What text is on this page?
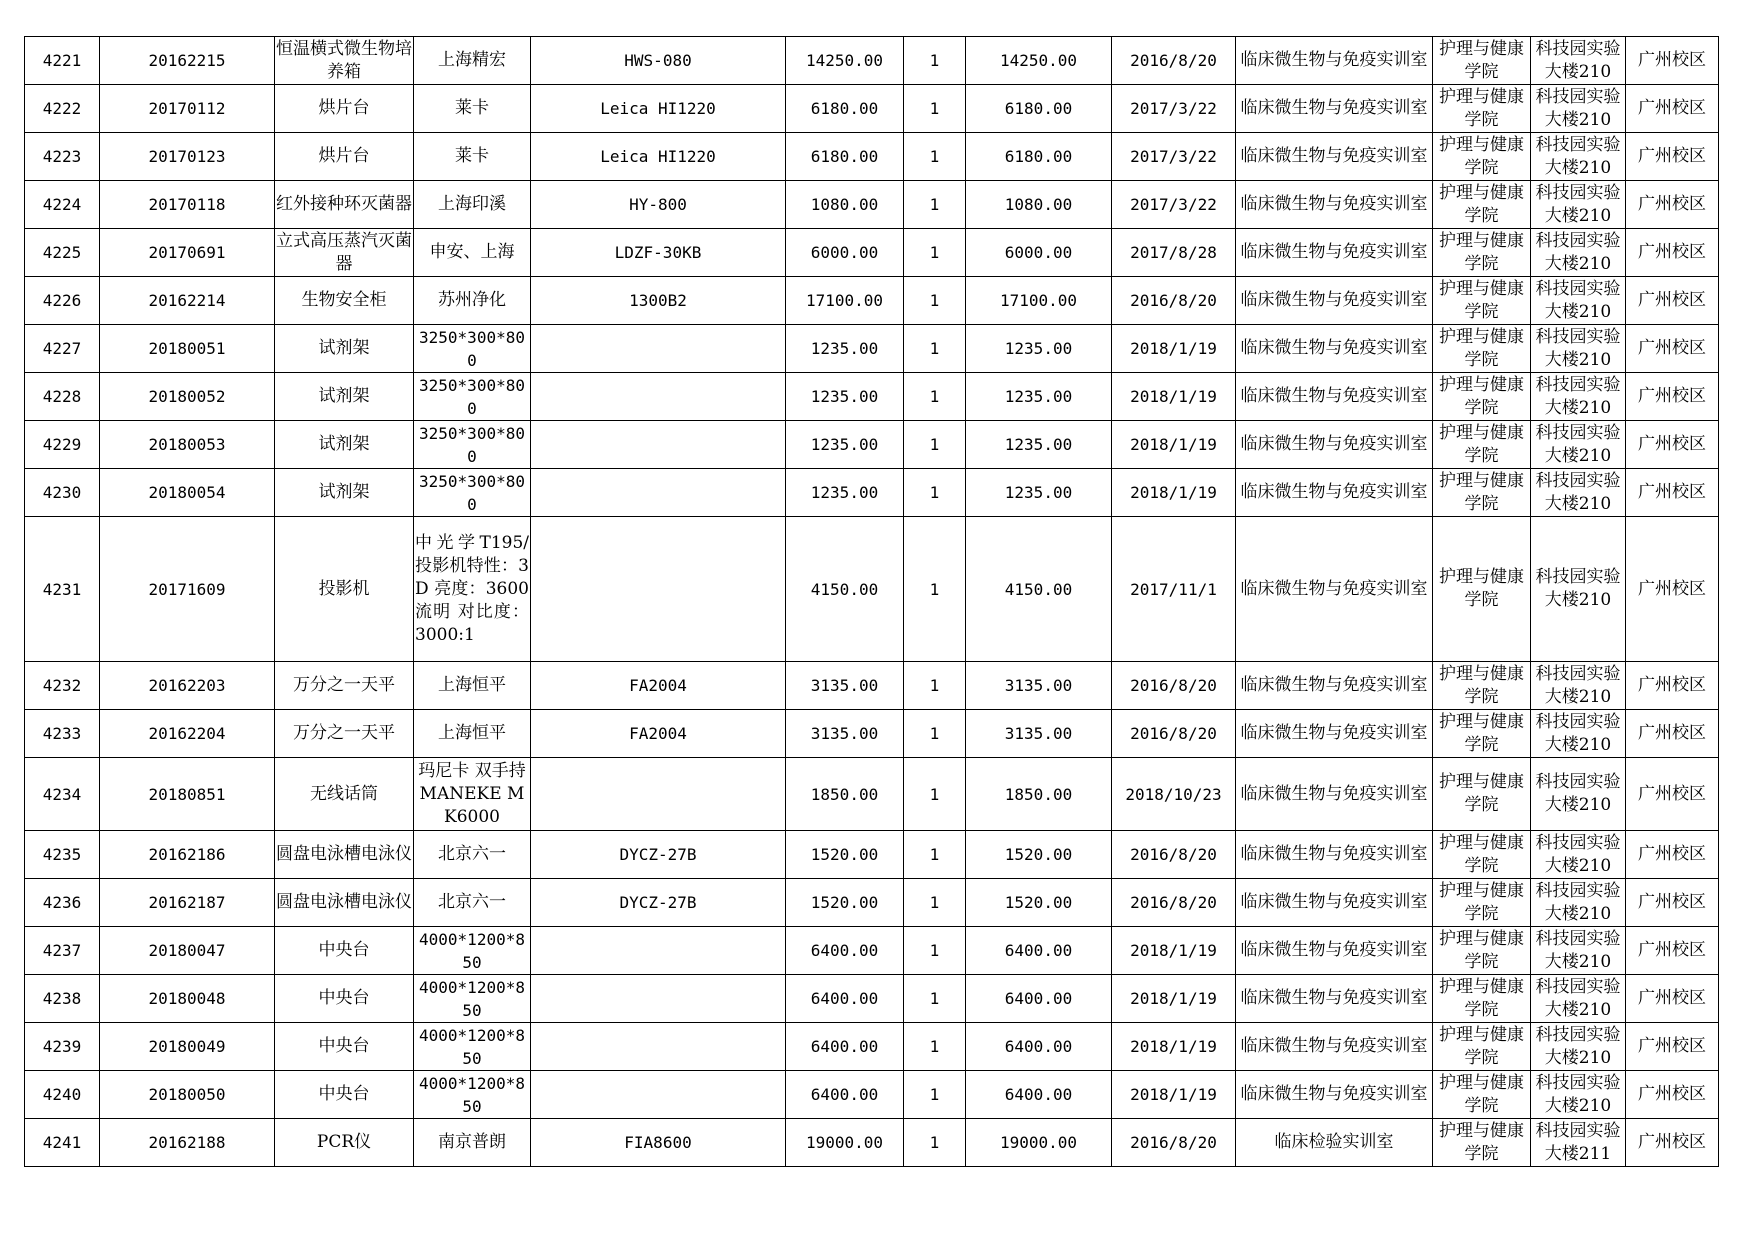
4221	20162215	恒温横式微生物培养箱	上海精宏	HWS-080	14250.00	1	14250.00	2016/8/20	临床微生物与免疫实训室	护理与健康学院	科技园实验大楼210	广州校区
4222	20170112	烘片台	莱卡	Leica HI1220	6180.00	1	6180.00	2017/3/22	临床微生物与免疫实训室	护理与健康学院	科技园实验大楼210	广州校区
4223	20170123	烘片台	莱卡	Leica HI1220	6180.00	1	6180.00	2017/3/22	临床微生物与免疫实训室	护理与健康学院	科技园实验大楼210	广州校区
4224	20170118	红外接种环灭菌器	上海印溪	HY-800	1080.00	1	1080.00	2017/3/22	临床微生物与免疫实训室	护理与健康学院	科技园实验大楼210	广州校区
4225	20170691	立式高压蒸汽灭菌器	申安、上海	LDZF-30KB	6000.00	1	6000.00	2017/8/28	临床微生物与免疫实训室	护理与健康学院	科技园实验大楼210	广州校区
4226	20162214	生物安全柜	苏州净化	1300B2	17100.00	1	17100.00	2016/8/20	临床微生物与免疫实训室	护理与健康学院	科技园实验大楼210	广州校区
4227	20180051	试剂架	3250*300*800		1235.00	1	1235.00	2018/1/19	临床微生物与免疫实训室	护理与健康学院	科技园实验大楼210	广州校区
4228	20180052	试剂架	3250*300*800		1235.00	1	1235.00	2018/1/19	临床微生物与免疫实训室	护理与健康学院	科技园实验大楼210	广州校区
4229	20180053	试剂架	3250*300*800		1235.00	1	1235.00	2018/1/19	临床微生物与免疫实训室	护理与健康学院	科技园实验大楼210	广州校区
4230	20180054	试剂架	3250*300*800		1235.00	1	1235.00	2018/1/19	临床微生物与免疫实训室	护理与健康学院	科技园实验大楼210	广州校区
4231	20171609	投影机	中光学T195/投影机特性：3D 亮度：3600流明 对比度：3000:1		4150.00	1	4150.00	2017/11/1	临床微生物与免疫实训室	护理与健康学院	科技园实验大楼210	广州校区
4232	20162203	万分之一天平	上海恒平	FA2004	3135.00	1	3135.00	2016/8/20	临床微生物与免疫实训室	护理与健康学院	科技园实验大楼210	广州校区
4233	20162204	万分之一天平	上海恒平	FA2004	3135.00	1	3135.00	2016/8/20	临床微生物与免疫实训室	护理与健康学院	科技园实验大楼210	广州校区
4234	20180851	无线话筒	玛尼卡 双手持MANEKE MK6000		1850.00	1	1850.00	2018/10/23	临床微生物与免疫实训室	护理与健康学院	科技园实验大楼210	广州校区
4235	20162186	圆盘电泳槽电泳仪	北京六一	DYCZ-27B	1520.00	1	1520.00	2016/8/20	临床微生物与免疫实训室	护理与健康学院	科技园实验大楼210	广州校区
4236	20162187	圆盘电泳槽电泳仪	北京六一	DYCZ-27B	1520.00	1	1520.00	2016/8/20	临床微生物与免疫实训室	护理与健康学院	科技园实验大楼210	广州校区
4237	20180047	中央台	4000*1200*850		6400.00	1	6400.00	2018/1/19	临床微生物与免疫实训室	护理与健康学院	科技园实验大楼210	广州校区
4238	20180048	中央台	4000*1200*850		6400.00	1	6400.00	2018/1/19	临床微生物与免疫实训室	护理与健康学院	科技园实验大楼210	广州校区
4239	20180049	中央台	4000*1200*850		6400.00	1	6400.00	2018/1/19	临床微生物与免疫实训室	护理与健康学院	科技园实验大楼210	广州校区
4240	20180050	中央台	4000*1200*850		6400.00	1	6400.00	2018/1/19	临床微生物与免疫实训室	护理与健康学院	科技园实验大楼210	广州校区
4241	20162188	PCR仪	南京普朗	FIA8600	19000.00	1	19000.00	2016/8/20	临床检验实训室	护理与健康学院	科技园实验大楼211	广州校区
